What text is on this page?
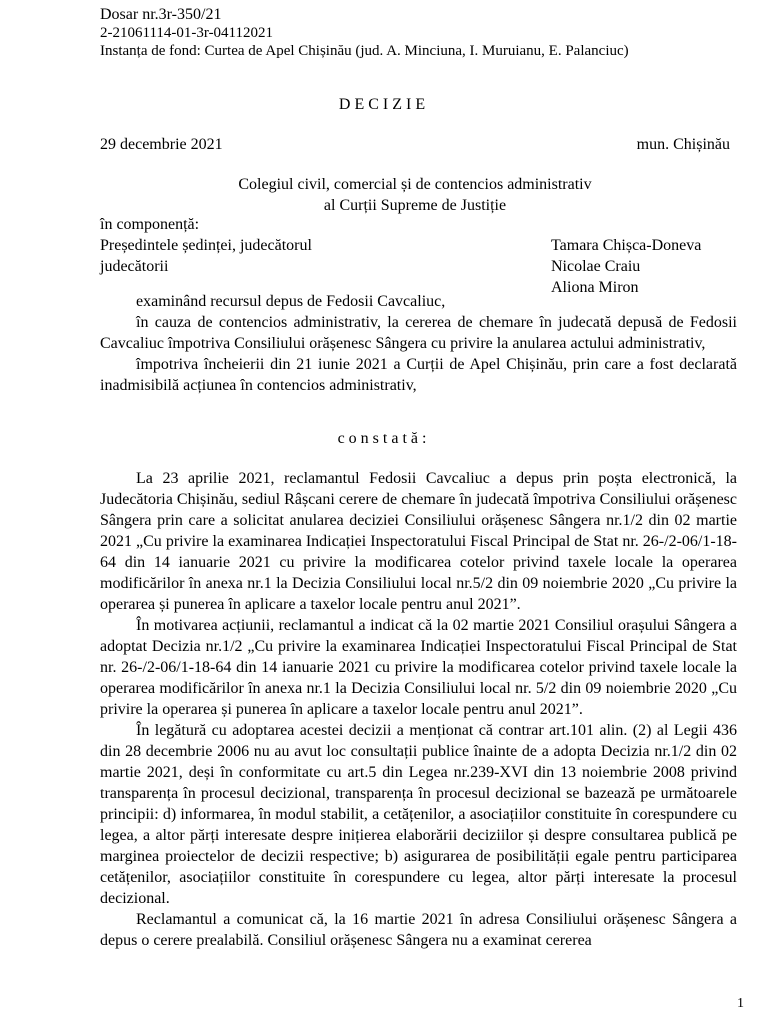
Dosar nr.3r-350/21
2-21061114-01-3r-04112021
Instanța de fond: Curtea de Apel Chișinău (jud. A. Minciuna, I. Muruianu, E. Palanciuc)
DECIZIE
29 decembrie 2021	mun. Chișinău
Colegiul civil, comercial și de contencios administrativ
al Curții Supreme de Justiție
în componență:
Președintele ședinței, judecătorul	Tamara Chișca-Doneva
judecătorii	Nicolae Craiu
Aliona Miron

examinând recursul depus de Fedosii Cavcaliuc,

în cauza de contencios administrativ, la cererea de chemare în judecată depusă de Fedosii Cavcaliuc împotriva Consiliului orășenesc Sângera cu privire la anularea actului administrativ,

împotriva încheierii din 21 iunie 2021 a Curții de Apel Chișinău, prin care a fost declarată inadmisibilă acțiunea în contencios administrativ,

constată:

La 23 aprilie 2021, reclamantul Fedosii Cavcaliuc a depus prin poșta electronică, la Judecătoria Chișinău, sediul Râșcani cerere de chemare în judecată împotriva Consiliului orășenesc Sângera prin care a solicitat anularea deciziei Consiliului orășenesc Sângera nr.1/2 din 02 martie 2021 „Cu privire la examinarea Indicației Inspectoratului Fiscal Principal de Stat nr. 26-/2-06/1-18-64 din 14 ianuarie 2021 cu privire la modificarea cotelor privind taxele locale la operarea modificărilor în anexa nr.1 la Decizia Consiliului local nr.5/2 din 09 noiembrie 2020 „Cu privire la operarea și punerea în aplicare a taxelor locale pentru anul 2021”.

În motivarea acțiunii, reclamantul a indicat că la 02 martie 2021 Consiliul orașului Sângera a adoptat Decizia nr.1/2 „Cu privire la examinarea Indicației Inspectoratului Fiscal Principal de Stat nr. 26-/2-06/1-18-64 din 14 ianuarie 2021 cu privire la modificarea cotelor privind taxele locale la operarea modificărilor în anexa nr.1 la Decizia Consiliului local nr. 5/2 din 09 noiembrie 2020 „Cu privire la operarea și punerea în aplicare a taxelor locale pentru anul 2021”.

În legătură cu adoptarea acestei decizii a menționat că contrar art.101 alin. (2) al Legii 436 din 28 decembrie 2006 nu au avut loc consultații publice înainte de a adopta Decizia nr.1/2 din 02 martie 2021, deși în conformitate cu art.5 din Legea nr.239-XVI din 13 noiembrie 2008 privind transparența în procesul decizional, transparența în procesul decizional se bazează pe următoarele principii: d) informarea, în modul stabilit, a cetățenilor, a asociațiilor constituite în corespundere cu legea, a altor părți interesate despre inițierea elaborării deciziilor și despre consultarea publică pe marginea proiectelor de decizii respective; b) asigurarea de posibilității egale pentru participarea cetățenilor, asociațiilor constituite în corespundere cu legea, altor părți interesate la procesul decizional.

Reclamantul a comunicat că, la 16 martie 2021 în adresa Consiliului orășenesc Sângera a depus o cerere prealabilă. Consiliul orășenesc Sângera nu a examinat cererea

1
